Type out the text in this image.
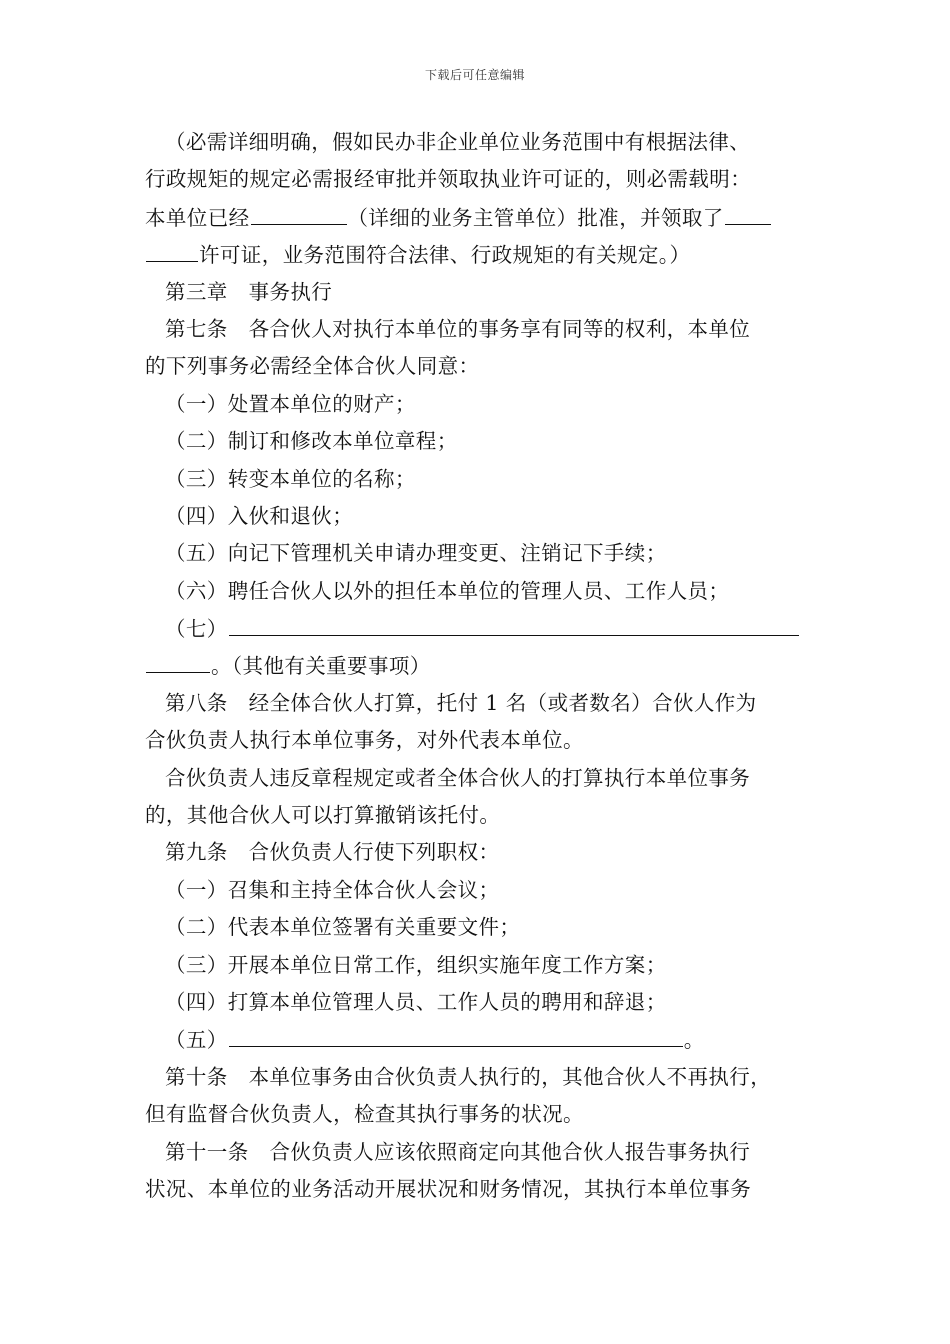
下载后可任意编辑
（必需详细明确，假如民办非企业单位业务范围中有根据法律、
行政规矩的规定必需报经审批并领取执业许可证的，则必需载明：
本单位已经	（详细的业务主管单位）批准，并领取了
许可证，业务范围符合法律、行政规矩的有关规定。）
第三章　事务执行
第七条　各合伙人对执行本单位的事务享有同等的权利，本单位
的下列事务必需经全体合伙人同意：
（一）处置本单位的财产；
（二）制订和修改本单位章程；
（三）转变本单位的名称；
（四）入伙和退伙；
（五）向记下管理机关申请办理变更、注销记下手续；
（六）聘任合伙人以外的担任本单位的管理人员、工作人员；
（七）
。（其他有关重要事项）
第八条　经全体合伙人打算，托付 1 名（或者数名）合伙人作为
合伙负责人执行本单位事务，对外代表本单位。
合伙负责人违反章程规定或者全体合伙人的打算执行本单位事务
的，其他合伙人可以打算撤销该托付。
第九条　合伙负责人行使下列职权：
（一）召集和主持全体合伙人会议；
（二）代表本单位签署有关重要文件；
（三）开展本单位日常工作，组织实施年度工作方案；
（四）打算本单位管理人员、工作人员的聘用和辞退；
（五）	。
第十条　本单位事务由合伙负责人执行的，其他合伙人不再执行，
但有监督合伙负责人，检查其执行事务的状况。
第十一条　合伙负责人应该依照商定向其他合伙人报告事务执行
状况、本单位的业务活动开展状况和财务情况，其执行本单位事务
